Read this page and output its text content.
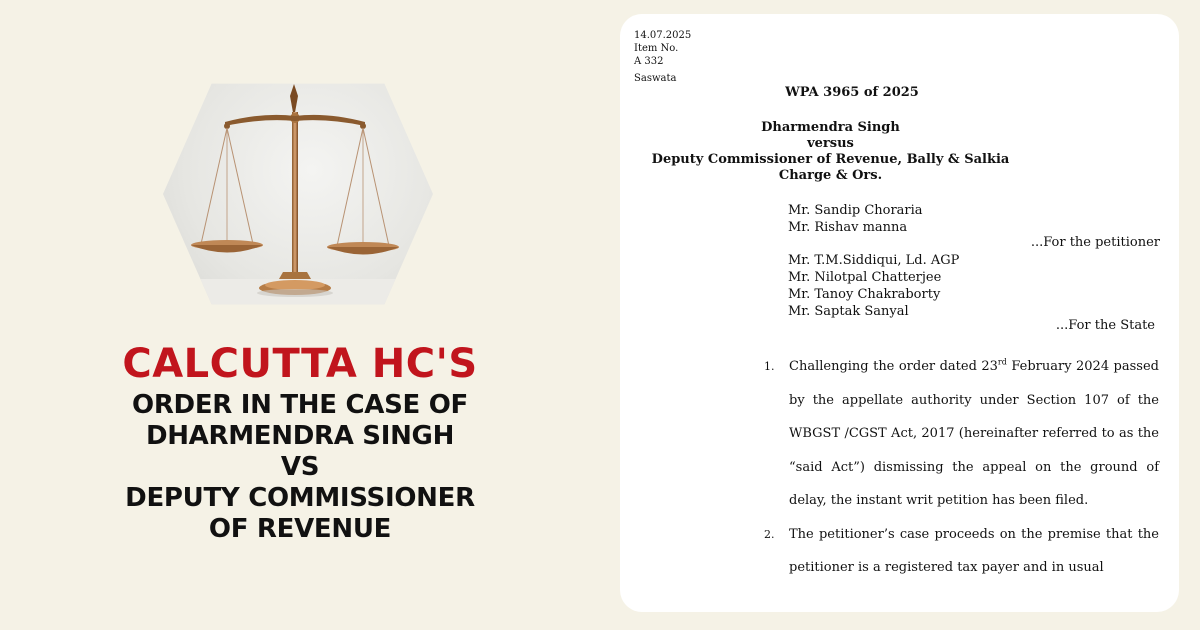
CALCUTTA HC'S
ORDER IN THE CASE OF
DHARMENDRA SINGH
VS
DEPUTY COMMISSIONER
OF REVENUE
14.07.2025
Item No.
A 332
Saswata
WPA 3965 of 2025
Dharmendra Singh
versus
Deputy Commissioner of Revenue, Bally & Salkia
Charge & Ors.
Mr. Sandip Choraria
Mr. Rishav manna
...For the petitioner
Mr. T.M.Siddiqui, Ld. AGP
Mr. Nilotpal Chatterjee
Mr. Tanoy Chakraborty
Mr. Saptak Sanyal
...For the State
1. Challenging the order dated 23rd February 2024 passed by the appellate authority under Section 107 of the WBGST /CGST Act, 2017 (hereinafter referred to as the “said Act”) dismissing the appeal on the ground of delay, the instant writ petition has been filed.
2. The petitioner’s case proceeds on the premise that the petitioner is a registered tax payer and in usual
